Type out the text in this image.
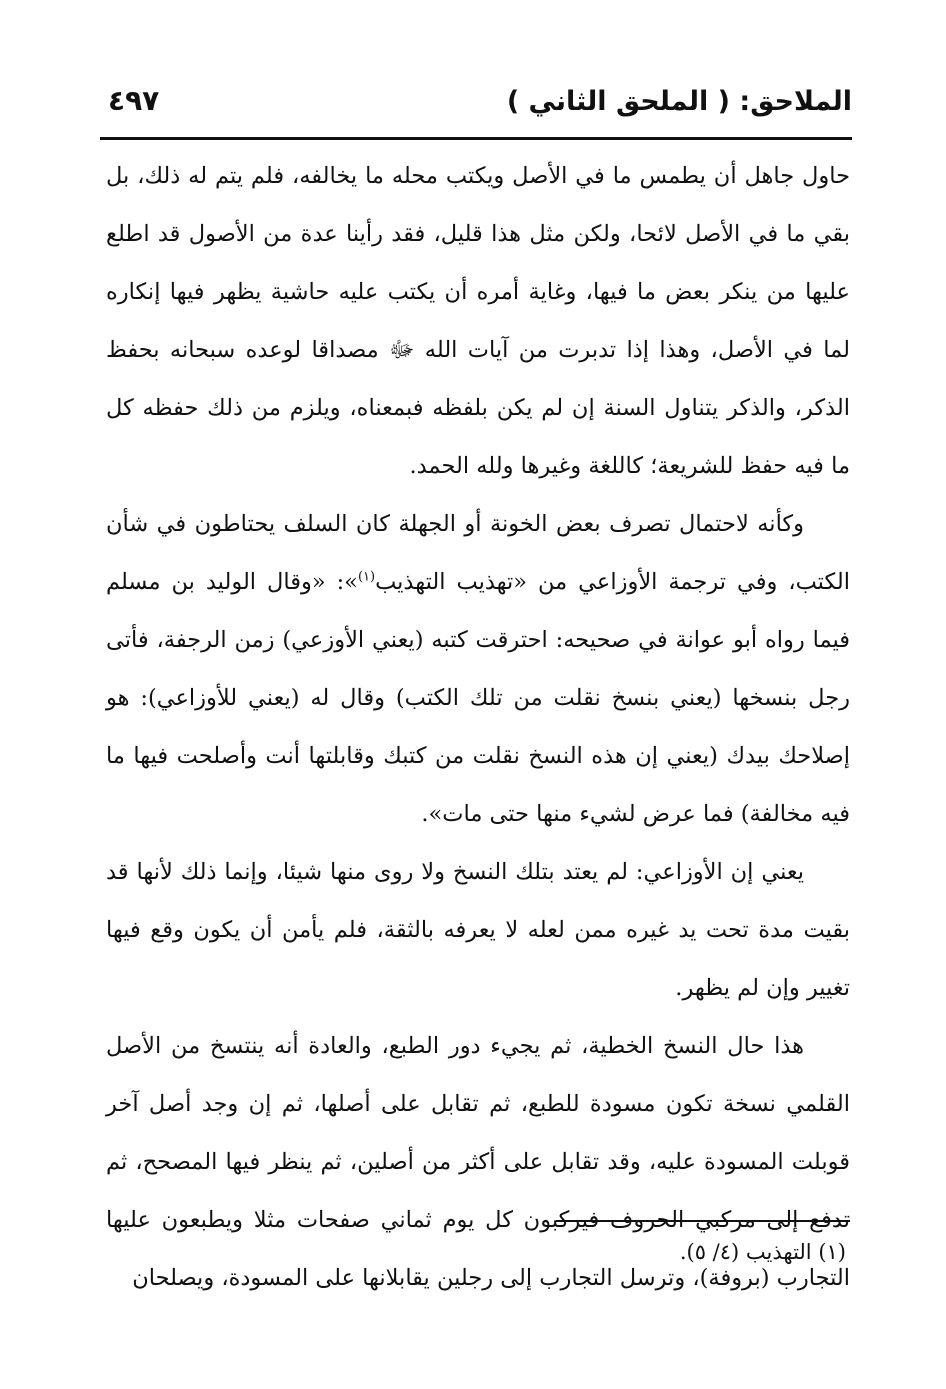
الملاحق: ( الملحق الثاني )
٤٩٧

حاول جاهل أن يطمس ما في الأصل ويكتب محله ما يخالفه، فلم يتم له ذلك، بل بقي ما في الأصل لائحا، ولكن مثل هذا قليل، فقد رأينا عدة من الأصول قد اطلع عليها من ينكر بعض ما فيها، وغاية أمره أن يكتب عليه حاشية يظهر فيها إنكاره لما في الأصل، وهذا إذا تدبرت من آيات الله ﷻ مصداقا لوعده سبحانه بحفظ الذكر، والذكر يتناول السنة إن لم يكن بلفظه فبمعناه، ويلزم من ذلك حفظه كل ما فيه حفظ للشريعة؛ كاللغة وغيرها ولله الحمد.

وكأنه لاحتمال تصرف بعض الخونة أو الجهلة كان السلف يحتاطون في شأن الكتب، وفي ترجمة الأوزاعي من «تهذيب التهذيب$^{(١)}$»: «وقال الوليد بن مسلم فيما رواه أبو عوانة في صحيحه: احترقت كتبه (يعني الأوزعي) زمن الرجفة، فأتى رجل بنسخها (يعني بنسخ نقلت من تلك الكتب) وقال له (يعني للأوزاعي): هو إصلاحك بيدك (يعني إن هذه النسخ نقلت من كتبك وقابلتها أنت وأصلحت فيها ما فيه مخالفة) فما عرض لشيء منها حتى مات».

يعني إن الأوزاعي: لم يعتد بتلك النسخ ولا روى منها شيئا، وإنما ذلك لأنها قد بقيت مدة تحت يد غيره ممن لعله لا يعرفه بالثقة، فلم يأمن أن يكون وقع فيها تغيير وإن لم يظهر.

هذا حال النسخ الخطية، ثم يجيء دور الطبع، والعادة أنه ينتسخ من الأصل القلمي نسخة تكون مسودة للطبع، ثم تقابل على أصلها، ثم إن وجد أصل آخر قوبلت المسودة عليه، وقد تقابل على أكثر من أصلين، ثم ينظر فيها المصحح، ثم تدفع إلى مركبي الحروف فيركبون كل يوم ثماني صفحات مثلا ويطبعون عليها التجارب (بروفة)، وترسل التجارب إلى رجلين يقابلانها على المسودة، ويصلحان

(١) التهذيب (٤/ ٥).
